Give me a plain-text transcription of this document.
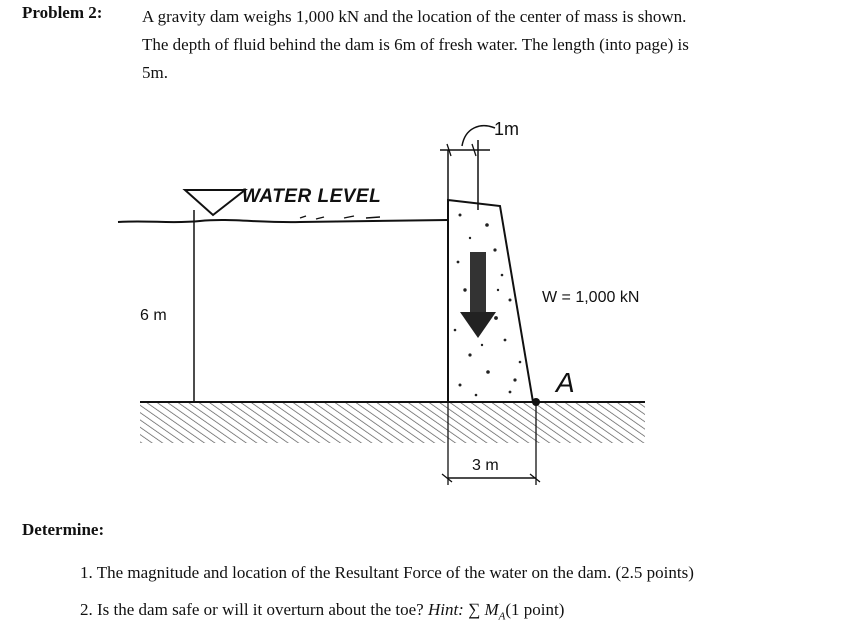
Problem 2: A gravity dam weighs 1,000 kN and the location of the center of mass is shown.
The depth of fluid behind the dam is 6m of fresh water. The length (into page) is
5m.
1m
WATER LEVEL
6 m
W = 1,000 kN
A
3 m
Determine:
1. The magnitude and location of the Resultant Force of the water on the dam. (2.5 points)
2. Is the dam safe or will it overturn about the toe? Hint: ∑ $M_A(1$ point)
